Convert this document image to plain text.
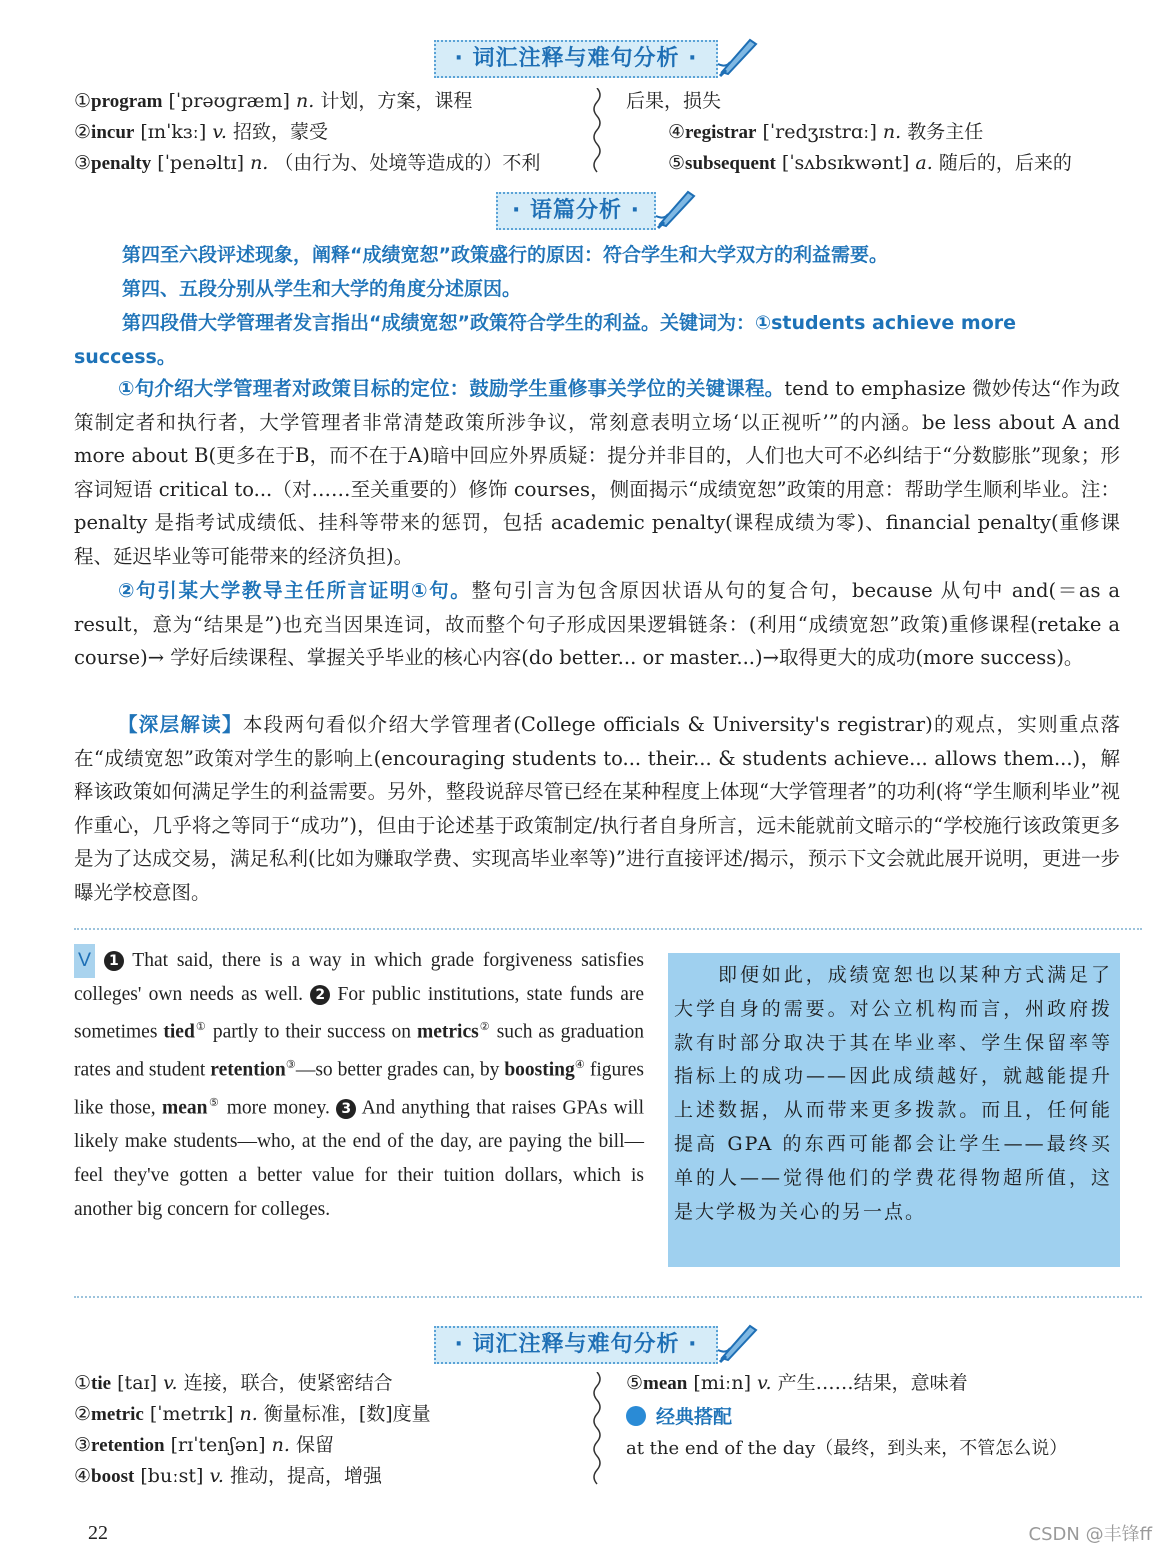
· 词汇注释与难句分析 ·
①program [ˈprəʊɡræm] n. 计划，方案，课程
②incur [ɪnˈkɜː] v. 招致，蒙受
③penalty [ˈpenəltɪ] n. （由行为、处境等造成的）不利
后果，损失
④registrar [ˈredʒɪstrɑː] n. 教务主任
⑤subsequent [ˈsʌbsɪkwənt] a. 随后的，后来的
· 语篇分析 ·
第四至六段评述现象，阐释“成绩宽恕”政策盛行的原因：符合学生和大学双方的利益需要。
第四、五段分别从学生和大学的角度分述原因。
第四段借大学管理者发言指出“成绩宽恕”政策符合学生的利益。关键词为：①students achieve more
success。
①句介绍大学管理者对政策目标的定位：鼓励学生重修事关学位的关键课程。tend to emphasize 微妙传达“作为政策制定者和执行者，大学管理者非常清楚政策所涉争议，常刻意表明立场‘以正视听’”的内涵。be less about A and more about B(更多在于B，而不在于A)暗中回应外界质疑：提分并非目的，人们也大可不必纠结于“分数膨胀”现象；形容词短语 critical to...（对……至关重要的）修饰 courses，侧面揭示“成绩宽恕”政策的用意：帮助学生顺利毕业。注：penalty 是指考试成绩低、挂科等带来的惩罚，包括 academic penalty(课程成绩为零)、financial penalty(重修课程、延迟毕业等可能带来的经济负担)。
②句引某大学教导主任所言证明①句。整句引言为包含原因状语从句的复合句，because 从句中 and(＝as a result，意为“结果是”)也充当因果连词，故而整个句子形成因果逻辑链条：(利用“成绩宽恕”政策)重修课程(retake a course)→ 学好后续课程、掌握关乎毕业的核心内容(do better... or master...)→取得更大的成功(more success)。
【深层解读】本段两句看似介绍大学管理者(College officials & University's registrar)的观点，实则重点落在“成绩宽恕”政策对学生的影响上(encouraging students to... their... & students achieve... allows them...)，解释该政策如何满足学生的利益需要。另外，整段说辞尽管已经在某种程度上体现“大学管理者”的功利(将“学生顺利毕业”视作重心，几乎将之等同于“成功”)，但由于论述基于政策制定/执行者自身所言，远未能就前文暗示的“学校施行该政策更多是为了达成交易，满足私利(比如为赚取学费、实现高毕业率等)”进行直接评述/揭示，预示下文会就此展开说明，更进一步曝光学校意图。
V 1 That said, there is a way in which grade forgiveness satisfies colleges' own needs as well. 2 For public institutions, state funds are sometimes tied① partly to their success on metrics② such as graduation rates and student retention③—so better grades can, by boosting④ figures like those, mean⑤ more money. 3 And anything that raises GPAs will likely make students—who, at the end of the day, are paying the bill—feel they've gotten a better value for their tuition dollars, which is another big concern for colleges.
即便如此，成绩宽恕也以某种方式满足了大学自身的需要。对公立机构而言，州政府拨款有时部分取决于其在毕业率、学生保留率等指标上的成功——因此成绩越好，就越能提升上述数据，从而带来更多拨款。而且，任何能提高 GPA 的东西可能都会让学生——最终买单的人——觉得他们的学费花得物超所值，这是大学极为关心的另一点。
· 词汇注释与难句分析 ·
①tie [taɪ] v. 连接，联合，使紧密结合
②metric [ˈmetrɪk] n. 衡量标准，[数]度量
③retention [rɪˈtenʃən] n. 保留
④boost [buːst] v. 推动，提高，增强
⑤mean [miːn] v. 产生……结果，意味着
经典搭配
at the end of the day（最终，到头来，不管怎么说）
22	CSDN @丰锋ff
